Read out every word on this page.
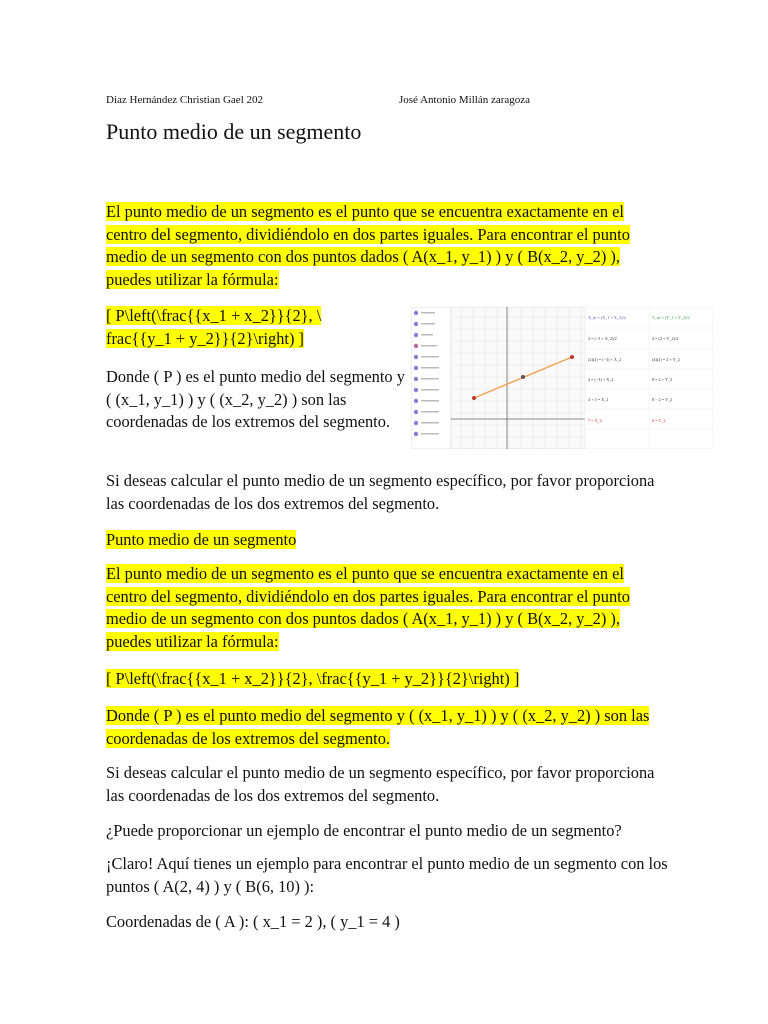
Diaz Hernández Christian Gael 202	José Antonio Millán zaragoza
Punto medio de un segmento

El punto medio de un segmento es el punto que se encuentra exactamente en el centro del segmento, dividiéndolo en dos partes iguales. Para encontrar el punto medio de un segmento con dos puntos dados ( A(x_1, y_1) ) y ( B(x_2, y_2) ), puedes utilizar la fórmula:

[ P\left(\frac{{x_1 + x_2}}{2}, \
frac{{y_1 + y_2}}{2}\right) ]

Donde ( P ) es el punto medio del segmento y ( (x_1, y_1) ) y ( (x_2, y_2) ) son las coordenadas de los extremos del segmento.

X_m = (X_1 + X_2)/2
2 = (−3 + X_2)/2
(2)(2) = (−3) + X_2
4 = (−3) + X_2
4 + 3 = X_2
7 = X_2
Y_m = (Y_1 + Y_2)/2
4 = (2 + Y_2)/2
(4)(2) = 2 + Y_2
8 = 2 + Y_2
8 − 2 = Y_2
6 = Y_2

Si deseas calcular el punto medio de un segmento específico, por favor proporciona las coordenadas de los dos extremos del segmento.

Punto medio de un segmento

El punto medio de un segmento es el punto que se encuentra exactamente en el centro del segmento, dividiéndolo en dos partes iguales. Para encontrar el punto medio de un segmento con dos puntos dados ( A(x_1, y_1) ) y ( B(x_2, y_2) ), puedes utilizar la fórmula:

[ P\left(\frac{{x_1 + x_2}}{2}, \frac{{y_1 + y_2}}{2}\right) ]

Donde ( P ) es el punto medio del segmento y ( (x_1, y_1) ) y ( (x_2, y_2) ) son las coordenadas de los extremos del segmento.

Si deseas calcular el punto medio de un segmento específico, por favor proporciona las coordenadas de los dos extremos del segmento.

¿Puede proporcionar un ejemplo de encontrar el punto medio de un segmento?

¡Claro! Aquí tienes un ejemplo para encontrar el punto medio de un segmento con los puntos ( A(2, 4) ) y ( B(6, 10) ):

Coordenadas de ( A ): ( x_1 = 2 ), ( y_1 = 4 )
